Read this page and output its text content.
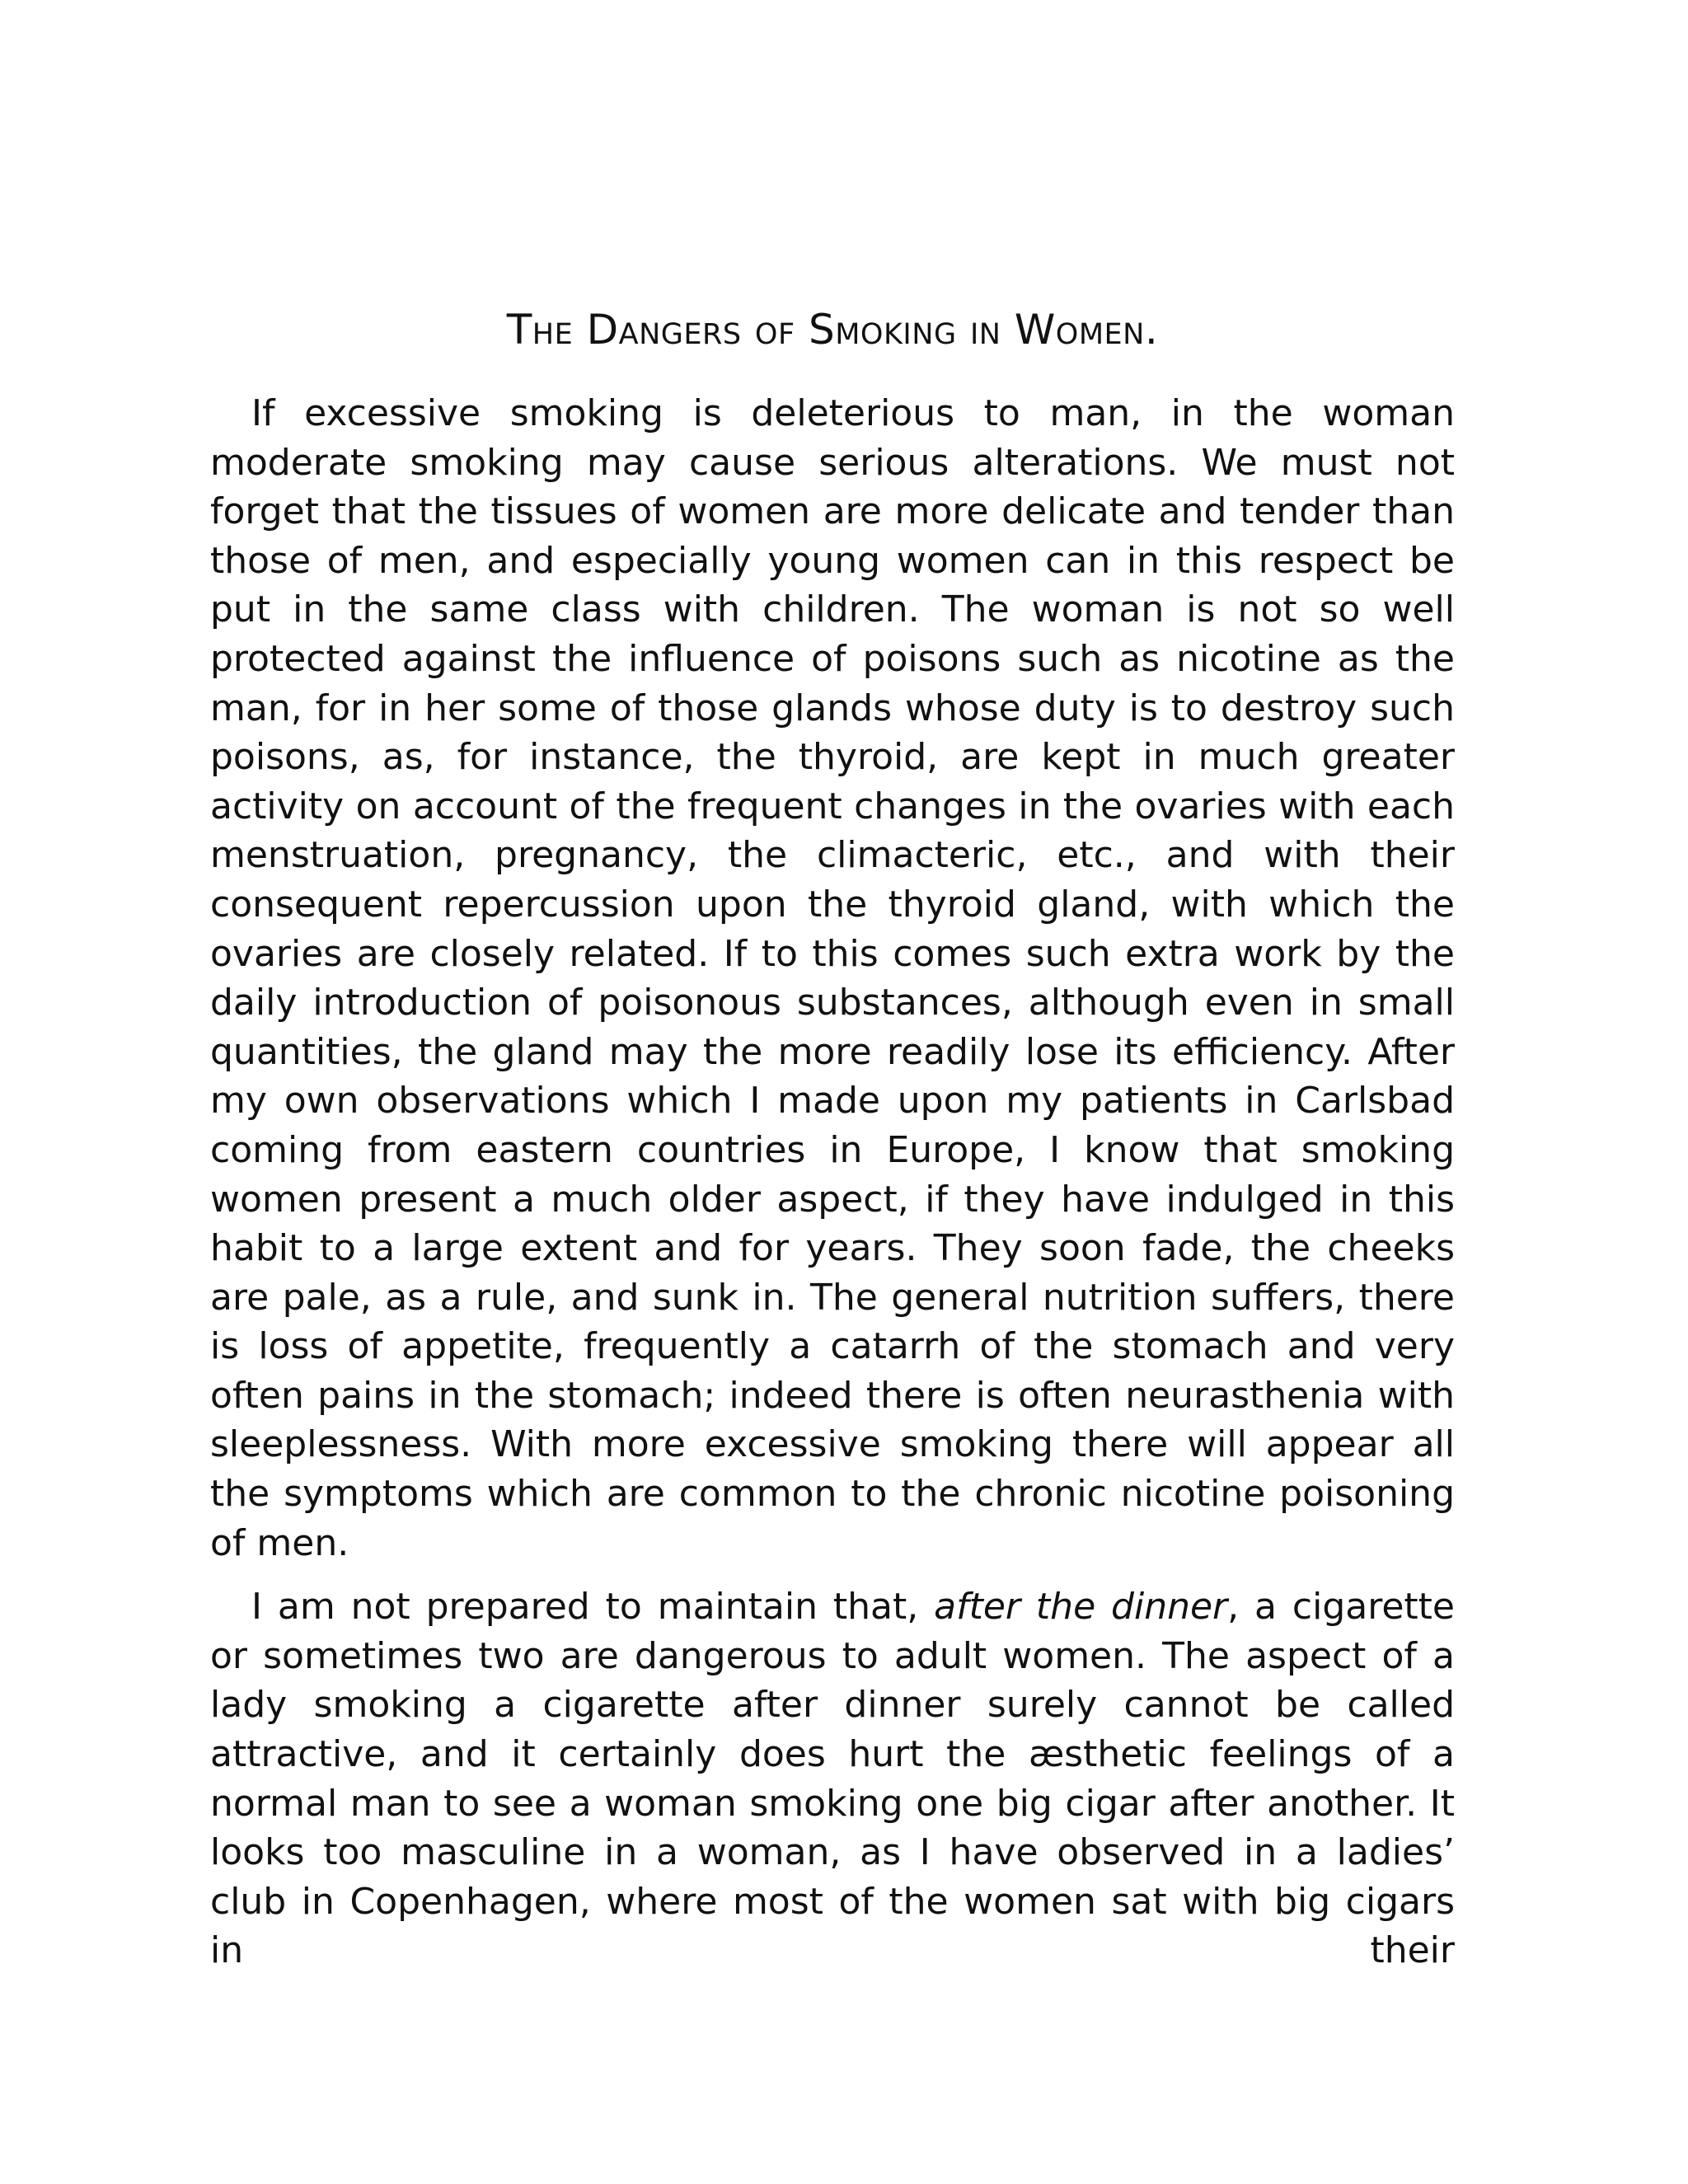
The Dangers of Smoking in Women.

If excessive smoking is deleterious to man, in the woman moderate smoking may cause serious alterations. We must not forget that the tissues of women are more delicate and tender than those of men, and especially young women can in this respect be put in the same class with children. The woman is not so well protected against the influence of poisons such as nicotine as the man, for in her some of those glands whose duty is to destroy such poisons, as, for instance, the thyroid, are kept in much greater activity on account of the frequent changes in the ovaries with each menstruation, pregnancy, the climacteric, etc., and with their consequent repercussion upon the thyroid gland, with which the ovaries are closely related. If to this comes such extra work by the daily introduction of poisonous substances, although even in small quantities, the gland may the more readily lose its efficiency. After my own observations which I made upon my patients in Carlsbad coming from eastern countries in Europe, I know that smoking women present a much older aspect, if they have indulged in this habit to a large extent and for years. They soon fade, the cheeks are pale, as a rule, and sunk in. The general nutrition suffers, there is loss of appetite, frequently a catarrh of the stomach and very often pains in the stomach; indeed there is often neurasthenia with sleeplessness. With more excessive smoking there will appear all the symptoms which are common to the chronic nicotine poisoning of men.

I am not prepared to maintain that, after the dinner, a cigarette or sometimes two are dangerous to adult women. The aspect of a lady smoking a cigarette after dinner surely cannot be called attractive, and it certainly does hurt the æsthetic feelings of a normal man to see a woman smoking one big cigar after another. It looks too masculine in a woman, as I have observed in a ladies’ club in Copenhagen, where most of the women sat with big cigars in their
